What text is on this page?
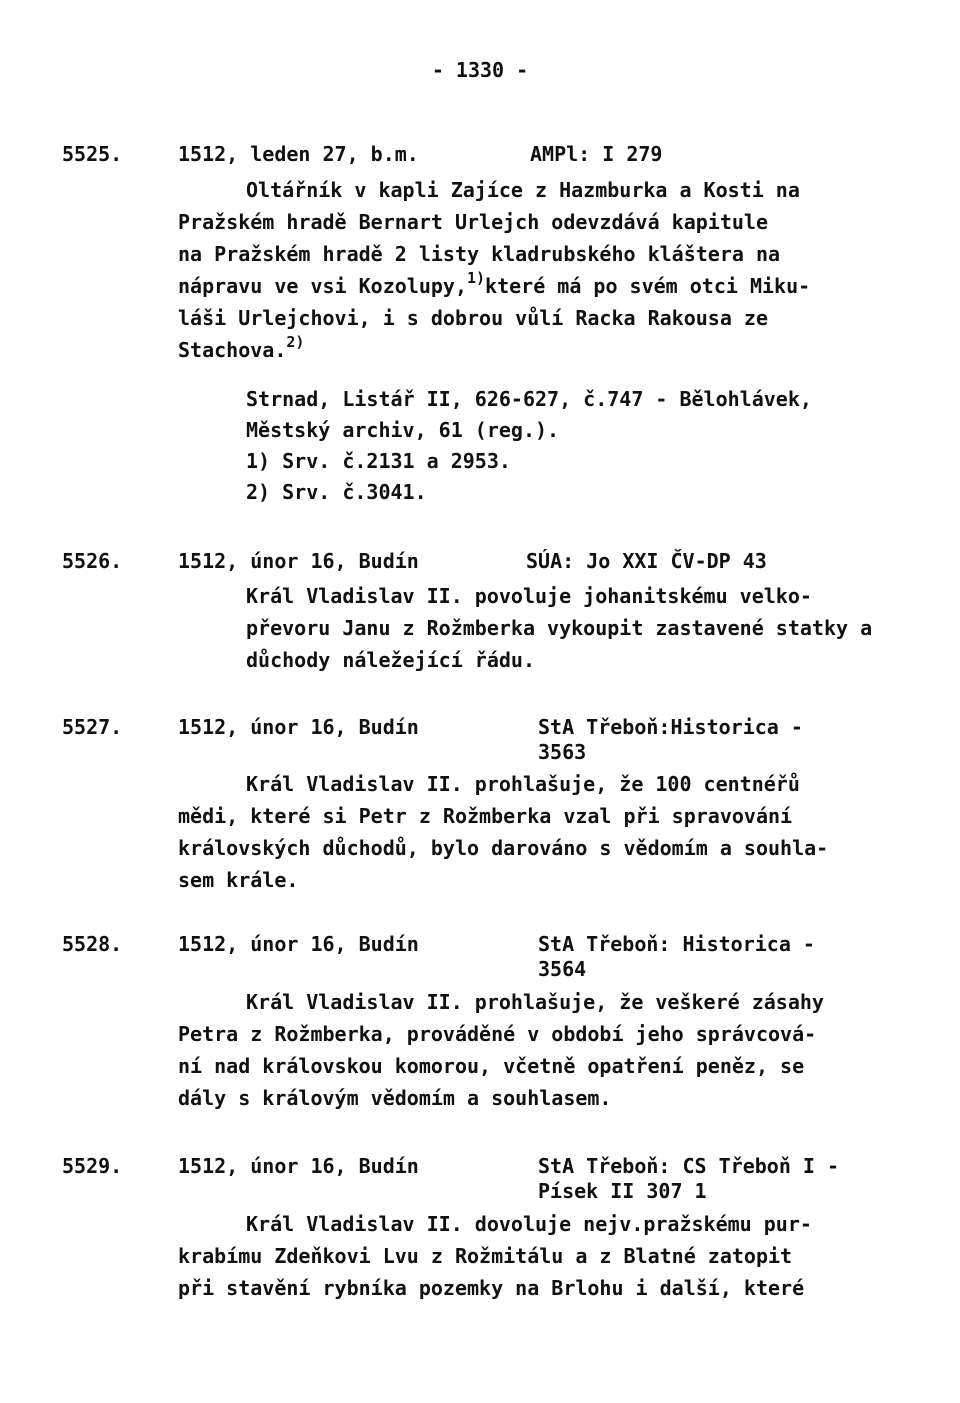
- 1330 -
5525.	1512, leden 27, b.m.	AMPl: I 279
Oltářník v kapli Zajíce z Hazmburka a Kosti na
Pražském hradě Bernart Urlejch odevzdává kapitule
na Pražském hradě 2 listy kladrubského kláštera na
nápravu ve vsi Kozolupy,$^{1)}$které má po svém otci Miku-
láši Urlejchovi, i s dobrou vůlí Racka Rakousa ze
Stachova.$^{2)}$
Strnad, Listář II, 626-627, č.747 - Bělohlávek,
Městský archiv, 61 (reg.).
1) Srv. č.2131 a 2953.
2) Srv. č.3041.
5526.	1512, únor 16, Budín	SÚA: Jo XXI ČV-DP 43
Král Vladislav II. povoluje johanitskému velko-
převoru Janu z Rožmberka vykoupit zastavené statky a
důchody náležející řádu.
5527.	1512, únor 16, Budín	StA Třeboň:Historica -
3563
Král Vladislav II. prohlašuje, že 100 centnéřů
mědi, které si Petr z Rožmberka vzal při spravování
královských důchodů, bylo darováno s vědomím a souhla-
sem krále.
5528.	1512, únor 16, Budín	StA Třeboň: Historica -
3564
Král Vladislav II. prohlašuje, že veškeré zásahy
Petra z Rožmberka, prováděné v období jeho správcová-
ní nad královskou komorou, včetně opatření peněz, se
dály s královým vědomím a souhlasem.
5529.	1512, únor 16, Budín	StA Třeboň: CS Třeboň I -
Písek II 307 1
Král Vladislav II. dovoluje nejv.pražskému pur-
krabímu Zdeňkovi Lvu z Rožmitálu a z Blatné zatopit
při stavění rybníka pozemky na Brlohu i další, které
